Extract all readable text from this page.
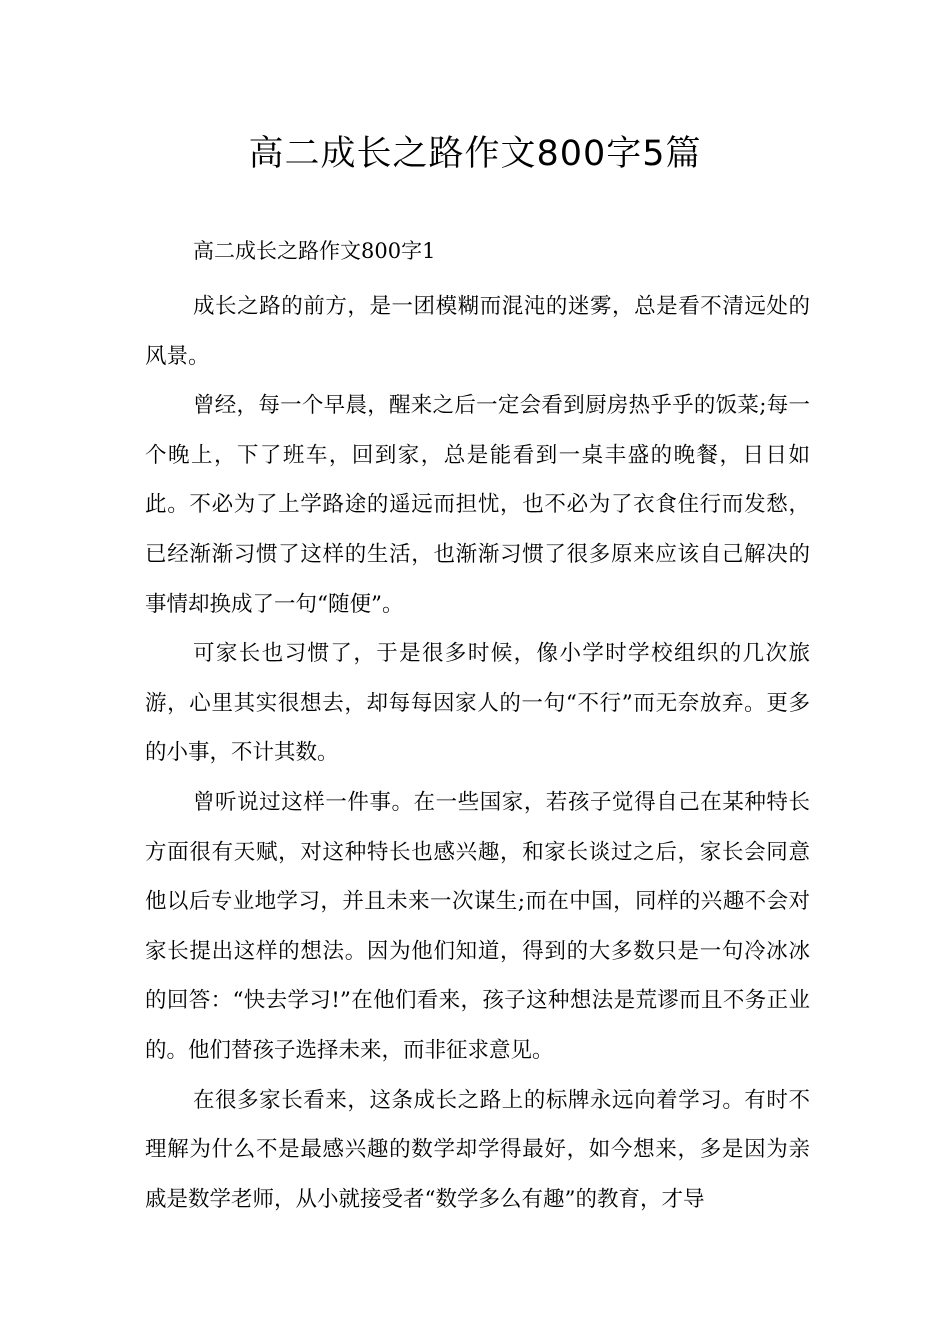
高二成长之路作文800字5篇

高二成长之路作文800字1

成长之路的前方，是一团模糊而混沌的迷雾，总是看不清远处的风景。

曾经，每一个早晨，醒来之后一定会看到厨房热乎乎的饭菜;每一个晚上，下了班车，回到家，总是能看到一桌丰盛的晚餐，日日如此。不必为了上学路途的遥远而担忧，也不必为了衣食住行而发愁，已经渐渐习惯了这样的生活，也渐渐习惯了很多原来应该自己解决的事情却换成了一句“随便”。

可家长也习惯了，于是很多时候，像小学时学校组织的几次旅游，心里其实很想去，却每每因家人的一句“不行”而无奈放弃。更多的小事，不计其数。

曾听说过这样一件事。在一些国家，若孩子觉得自己在某种特长方面很有天赋，对这种特长也感兴趣，和家长谈过之后，家长会同意他以后专业地学习，并且未来一次谋生;而在中国，同样的兴趣不会对家长提出这样的想法。因为他们知道，得到的大多数只是一句冷冰冰的回答：“快去学习!”在他们看来，孩子这种想法是荒谬而且不务正业的。他们替孩子选择未来，而非征求意见。

在很多家长看来，这条成长之路上的标牌永远向着学习。有时不理解为什么不是最感兴趣的数学却学得最好，如今想来，多是因为亲戚是数学老师，从小就接受者“数学多么有趣”的教育，才导
